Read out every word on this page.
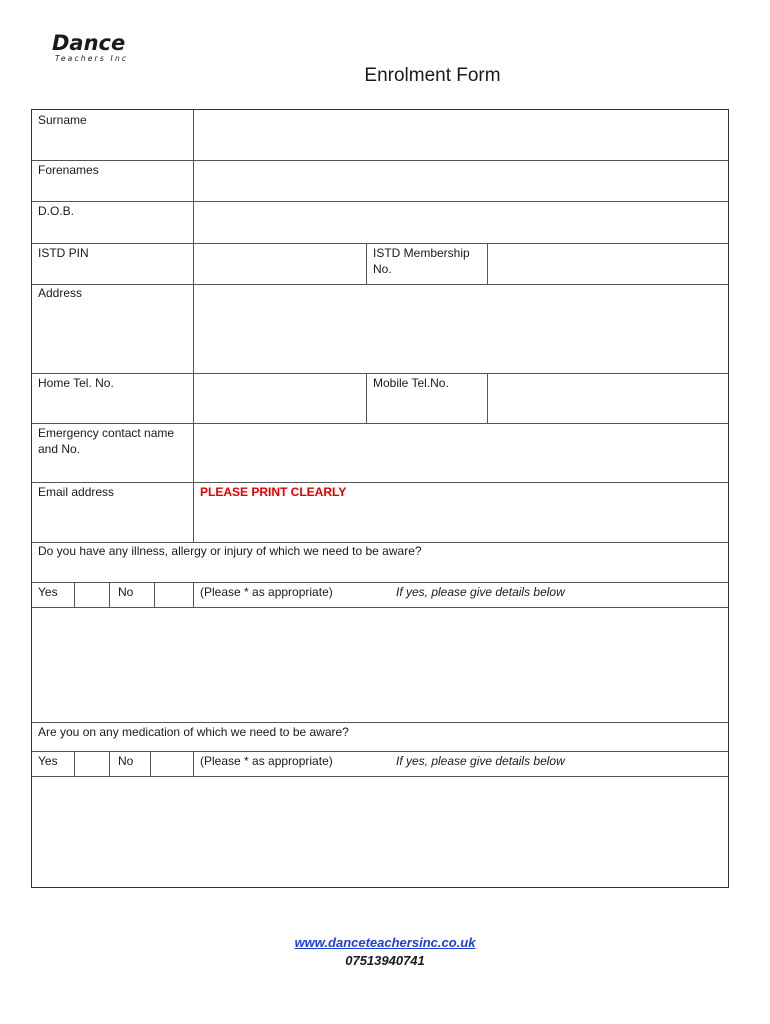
Dance
Teachers Inc
Enrolment Form
Surname
Forenames
D.O.B.
ISTD PIN	ISTD Membership
No.
Address
Home Tel. No.	Mobile Tel.No.
Emergency contact name
and No.
Email address	PLEASE PRINT CLEARLY
Do you have any illness, allergy or injury of which we need to be aware?
Yes	No	(Please * as appropriate)	If yes, please give details below
Are you on any medication of which we need to be aware?
Yes	No	(Please * as appropriate)	If yes, please give details below
www.danceteachersinc.co.uk
07513940741
